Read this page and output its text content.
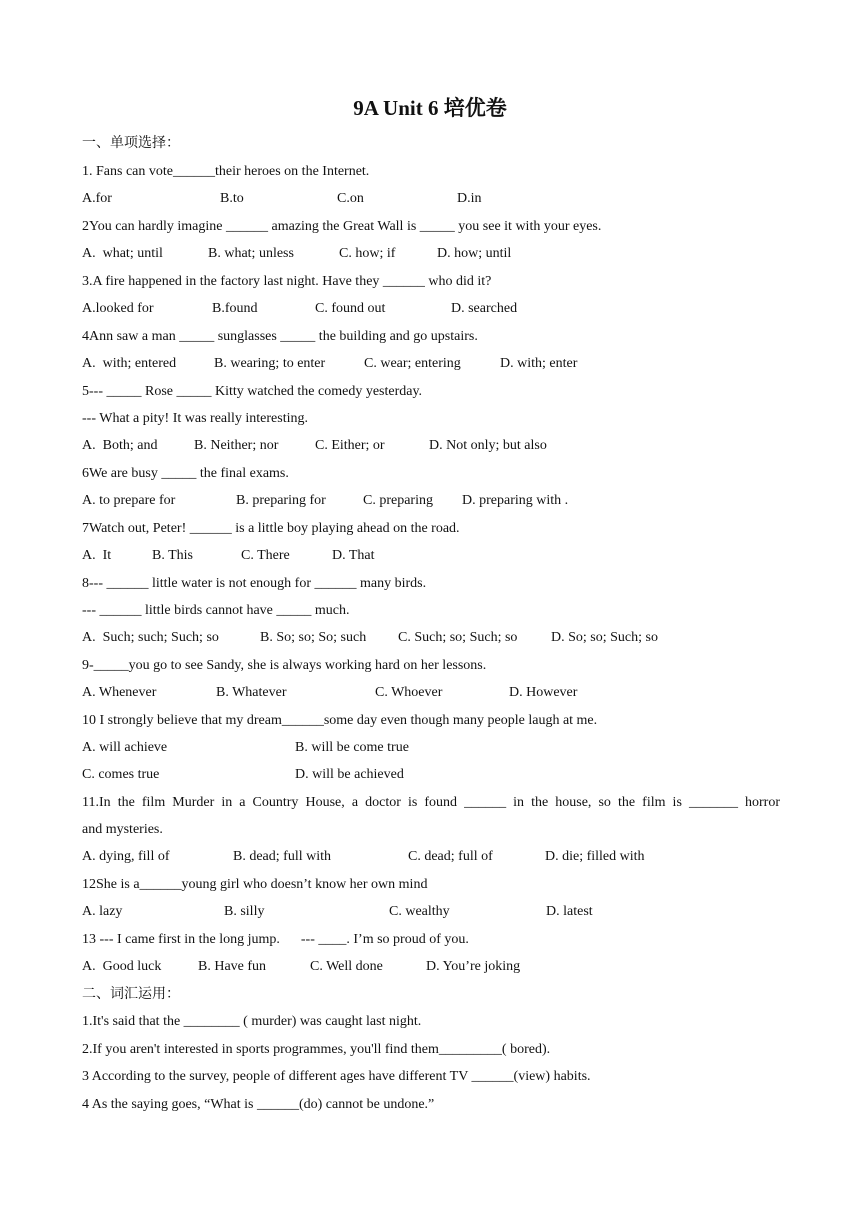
9A Unit 6 培优卷
一、单项选择：
1. Fans can vote______their heroes on the Internet.
A.for	B.to	C.on	D.in
2You can hardly imagine ______ amazing the Great Wall is _____ you see it with your eyes.
A.  what; until	B. what; unless	C. how; if	D. how; until
3.A fire happened in the factory last night. Have they ______ who did it?
A.looked for	B.found	C. found out	D. searched
4Ann saw a man _____ sunglasses _____ the building and go upstairs.
A.  with; entered	B. wearing; to enter	C. wear; entering	D. with; enter
5--- _____ Rose _____ Kitty watched the comedy yesterday.
--- What a pity! It was really interesting.
A.  Both; and	B. Neither; nor	C. Either; or	D. Not only; but also
6We are busy _____ the final exams.
A. to prepare for	B. preparing for	C. preparing D. preparing with .
7Watch out, Peter! ______ is a little boy playing ahead on the road.
A.  It	B. This	C. There	D. That
8--- ______ little water is not enough for ______ many birds.
--- ______ little birds cannot have _____ much.
A.  Such; such; Such; so	B. So; so; So; such C. Such; so; Such; so D. So; so; Such; so
9-_____you go to see Sandy, she is always working hard on her lessons.
A. Whenever	B. Whatever	C. Whoever	D. However
10 I strongly believe that my dream______some day even though many people laugh at me.
A. will achieve	B. will be come true
C. comes true	D. will be achieved
11.In the film Murder in a Country House, a doctor is found ______ in the house, so the film is _______ horror
and mysteries.
A. dying, fill of	B. dead; full with	C. dead; full of	D. die; filled with
12She is a______young girl who doesn’t know her own mind
A. lazy	B. silly	C. wealthy	D. latest
13 --- I came first in the long jump.      --- ____. I’m so proud of you.
A.  Good luck	B. Have fun	C. Well done	D. You’re joking
二、词汇运用：
1.It's said that the ________ ( murder) was caught last night.
2.If you aren't interested in sports programmes, you'll find them_________( bored).
3 According to the survey, people of different ages have different TV ______(view) habits.
4 As the saying goes, “What is ______(do) cannot be undone.”
